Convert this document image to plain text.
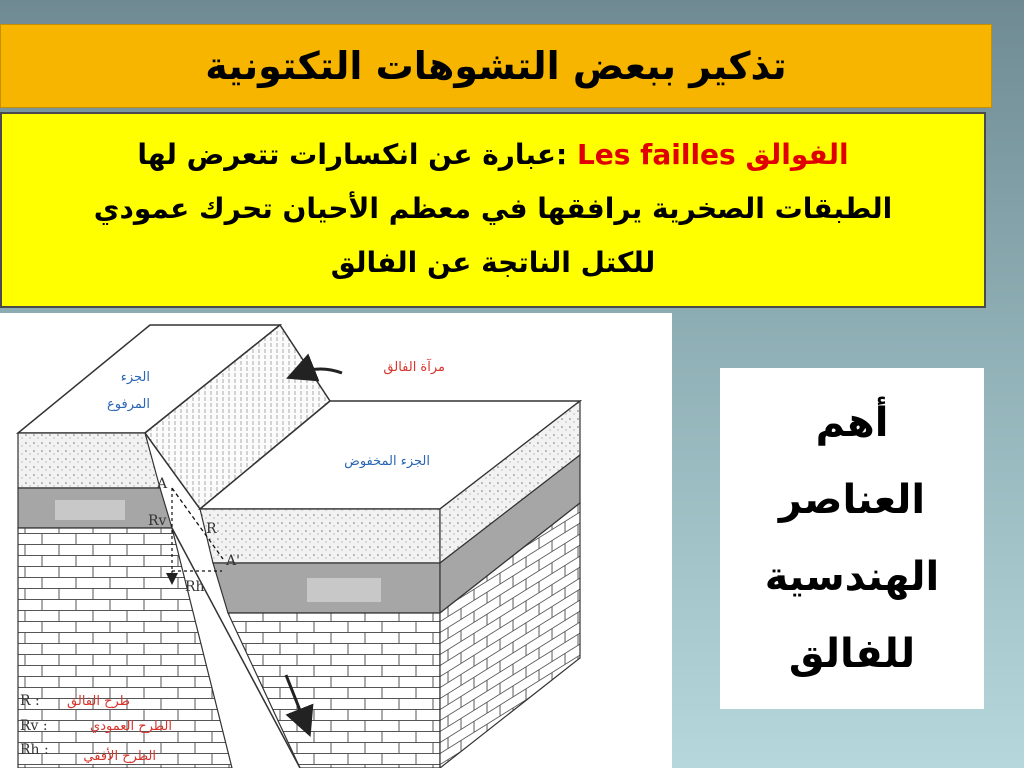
تذكير ببعض التشوهات التكتونية
الفوالق Les failles :عبارة عن انكسارات تتعرض لها
الطبقات الصخرية يرافقها في معظم الأحيان تحرك عمودي
للكتل الناتجة عن الفالق
الجزء
المرفوع
مرآة الفالق
الجزء المخفوض
A
A'
R
Rv
Rh
R : طرح الفالق
Rv :	الطرح العمودي
Rh :	الطرح الأفقي
أهم
العناصر
الهندسية
للفالق
